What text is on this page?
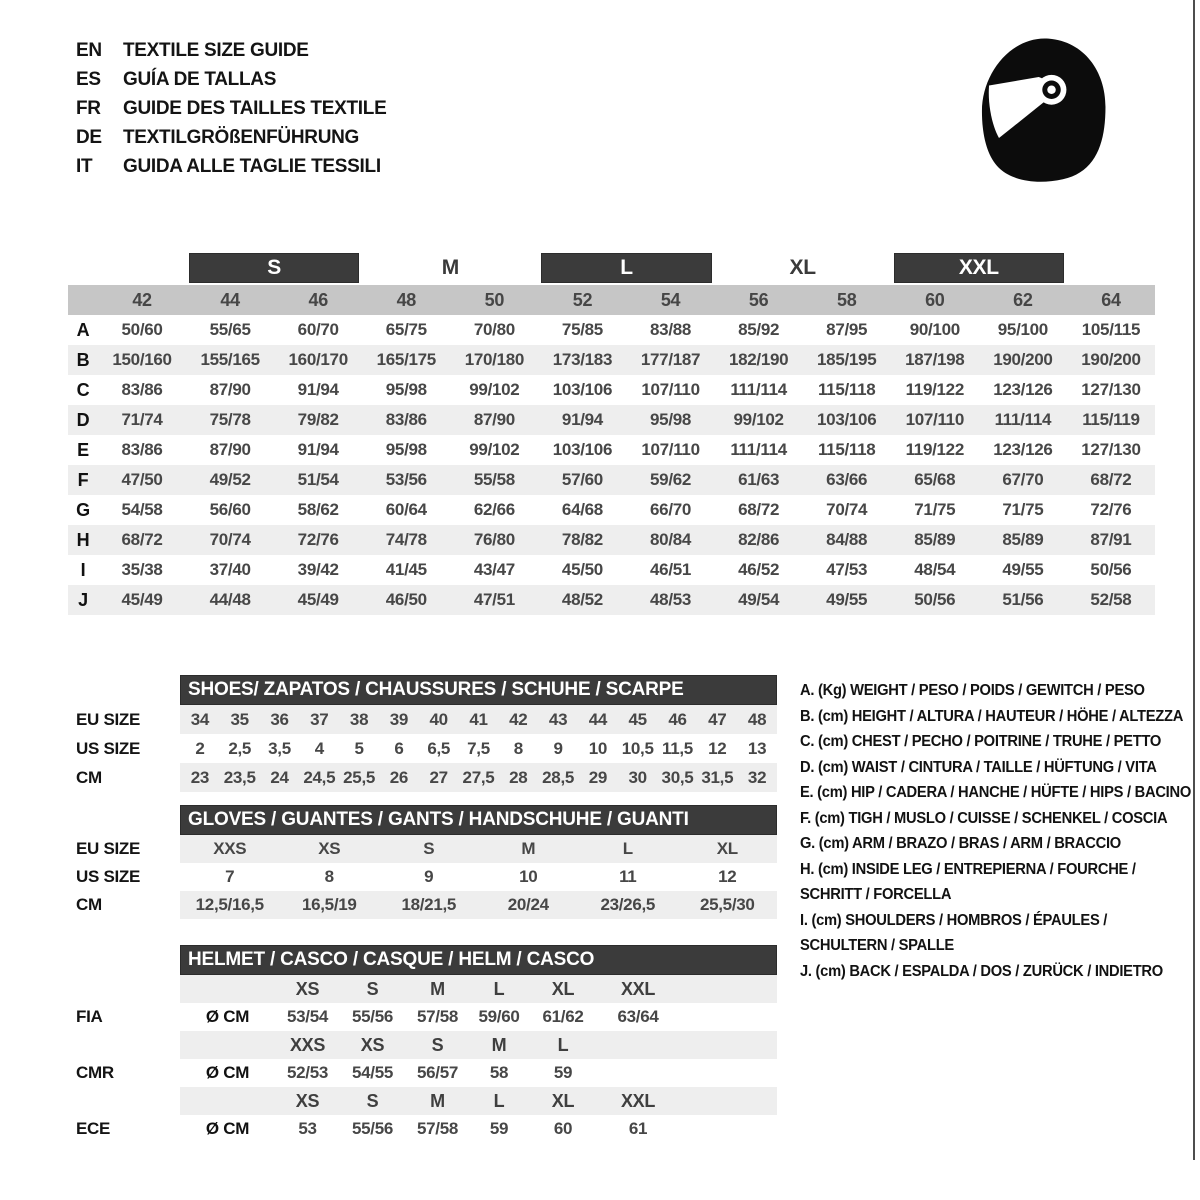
EN	TEXTILE SIZE GUIDE
ES	GUÍA DE TALLAS
FR	GUIDE DES TAILLES TEXTILE
DE	TEXTILGRÖßENFÜHRUNG
IT	GUIDA ALLE TAGLIE TESSILI
S	M	L	XL	XXL
42	44	46	48	50	52	54	56	58	60	62	64
A	50/60	55/65	60/70	65/75	70/80	75/85	83/88	85/92	87/95	90/100	95/100	105/115
B	150/160	155/165	160/170	165/175	170/180	173/183	177/187	182/190	185/195	187/198	190/200	190/200
C	83/86	87/90	91/94	95/98	99/102	103/106	107/110	111/114	115/118	119/122	123/126	127/130
D	71/74	75/78	79/82	83/86	87/90	91/94	95/98	99/102	103/106	107/110	111/114	115/119
E	83/86	87/90	91/94	95/98	99/102	103/106	107/110	111/114	115/118	119/122	123/126	127/130
F	47/50	49/52	51/54	53/56	55/58	57/60	59/62	61/63	63/66	65/68	67/70	68/72
G	54/58	56/60	58/62	60/64	62/66	64/68	66/70	68/72	70/74	71/75	71/75	72/76
H	68/72	70/74	72/76	74/78	76/80	78/82	80/84	82/86	84/88	85/89	85/89	87/91
I	35/38	37/40	39/42	41/45	43/47	45/50	46/51	46/52	47/53	48/54	49/55	50/56
J	45/49	44/48	45/49	46/50	47/51	48/52	48/53	49/54	49/55	50/56	51/56	52/58
EU SIZE
US SIZE
CM
SHOES/ ZAPATOS / CHAUSSURES / SCHUHE / SCARPE
34	35	36	37	38	39	40	41	42	43	44	45	46	47	48
2	2,5	3,5	4	5	6	6,5	7,5	8	9	10 10,5 11,5 12	13
23 23,5 24 24,5 25,5 26	27 27,5 28 28,5 29	30 30,5 31,5 32
EU SIZE
US SIZE
CM
GLOVES / GUANTES / GANTS / HANDSCHUHE / GUANTI
XXS	XS	S	M	L	XL
7	8	9	10	11	12
12,5/16,5	16,5/19	18/21,5	20/24	23/26,5	25,5/30
FIA
CMR
ECE
HELMET / CASCO / CASQUE / HELM / CASCO
XS	S	M	L	XL	XXL
Ø CM	53/54	55/56	57/58	59/60	61/62	63/64
XXS	XS	S	M	L
Ø CM	52/53	54/55	56/57	58	59
XS	S	M	L	XL	XXL
Ø CM	53	55/56	57/58	59	60	61
A. (Kg) WEIGHT / PESO / POIDS / GEWITCH / PESO
B. (cm) HEIGHT / ALTURA / HAUTEUR / HÖHE / ALTEZZA
C. (cm) CHEST / PECHO / POITRINE / TRUHE / PETTO
D. (cm) WAIST / CINTURA / TAILLE / HÜFTUNG / VITA
E. (cm) HIP / CADERA / HANCHE / HÜFTE / HIPS / BACINO
F. (cm) TIGH / MUSLO / CUISSE / SCHENKEL / COSCIA
G. (cm) ARM / BRAZO / BRAS / ARM / BRACCIO
H. (cm) INSIDE LEG / ENTREPIERNA / FOURCHE /
SCHRITT / FORCELLA
I. (cm) SHOULDERS / HOMBROS / ÉPAULES /
SCHULTERN / SPALLE
J. (cm) BACK / ESPALDA / DOS / ZURÜCK / INDIETRO
